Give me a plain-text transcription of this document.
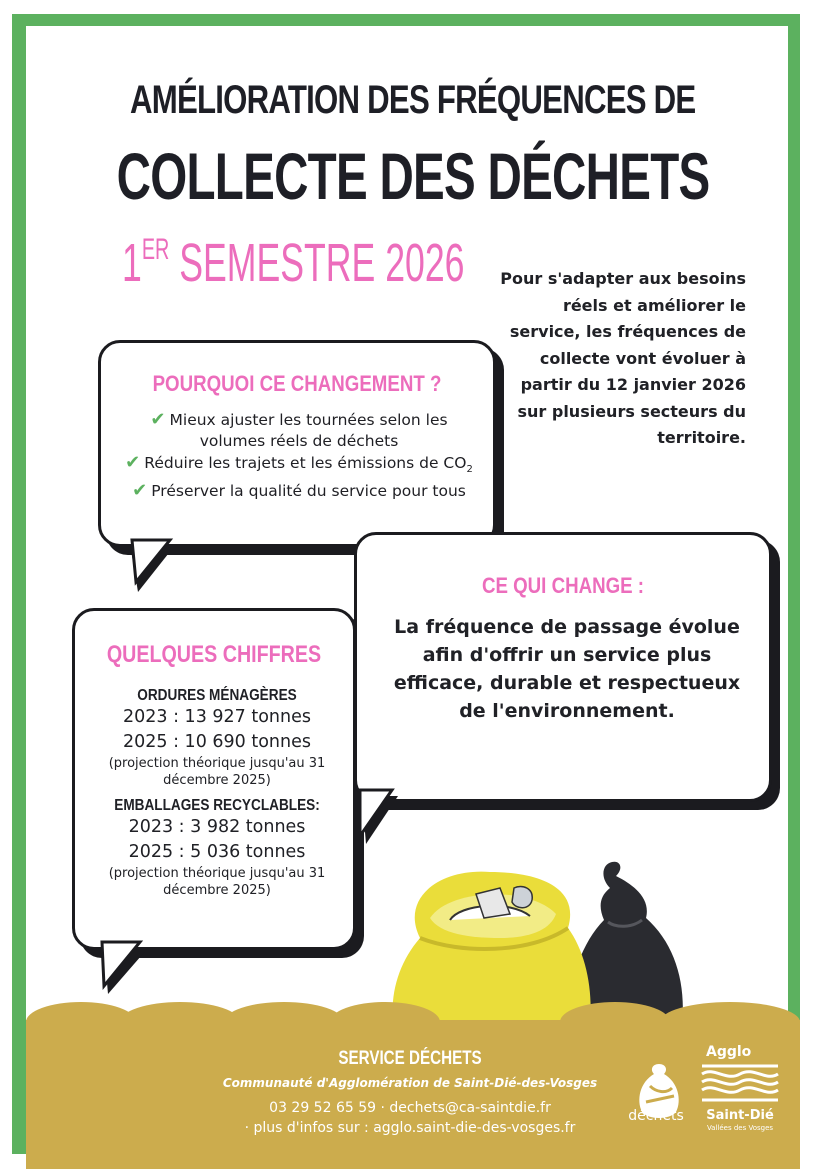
AMÉLIORATION DES FRÉQUENCES DE
COLLECTE DES DÉCHETS
1ER SEMESTRE 2026 Pour s'adapter aux besoins réels et améliorer le service, les fréquences de collecte vont évoluer à partir du 12 janvier 2026 sur plusieurs secteurs du territoire.
POURQUOI CE CHANGEMENT ?
✔ Mieux ajuster les tournées selon les volumes réels de déchets
✔ Réduire les trajets et les émissions de $CO_2$
✔ Préserver la qualité du service pour tous
QUELQUES CHIFFRES
ORDURES MÉNAGÈRES
2023 : 13 927 tonnes
2025 : 10 690 tonnes
(projection théorique jusqu'au 31 décembre 2025)
EMBALLAGES RECYCLABLES:
2023 : 3 982 tonnes
2025 : 5 036 tonnes
(projection théorique jusqu'au 31 décembre 2025)
CE QUI CHANGE :
La fréquence de passage évolue afin d'offrir un service plus efficace, durable et respectueux de l'environnement.
SERVICE DÉCHETS
Communauté d'Agglomération de Saint-Dié-des-Vosges
03 29 52 65 59 · dechets@ca-saintdie.fr
· plus d'infos sur : agglo.saint-die-des-vosges.fr
déchets
Agglo
Saint-Dié
Vallées des Vosges
